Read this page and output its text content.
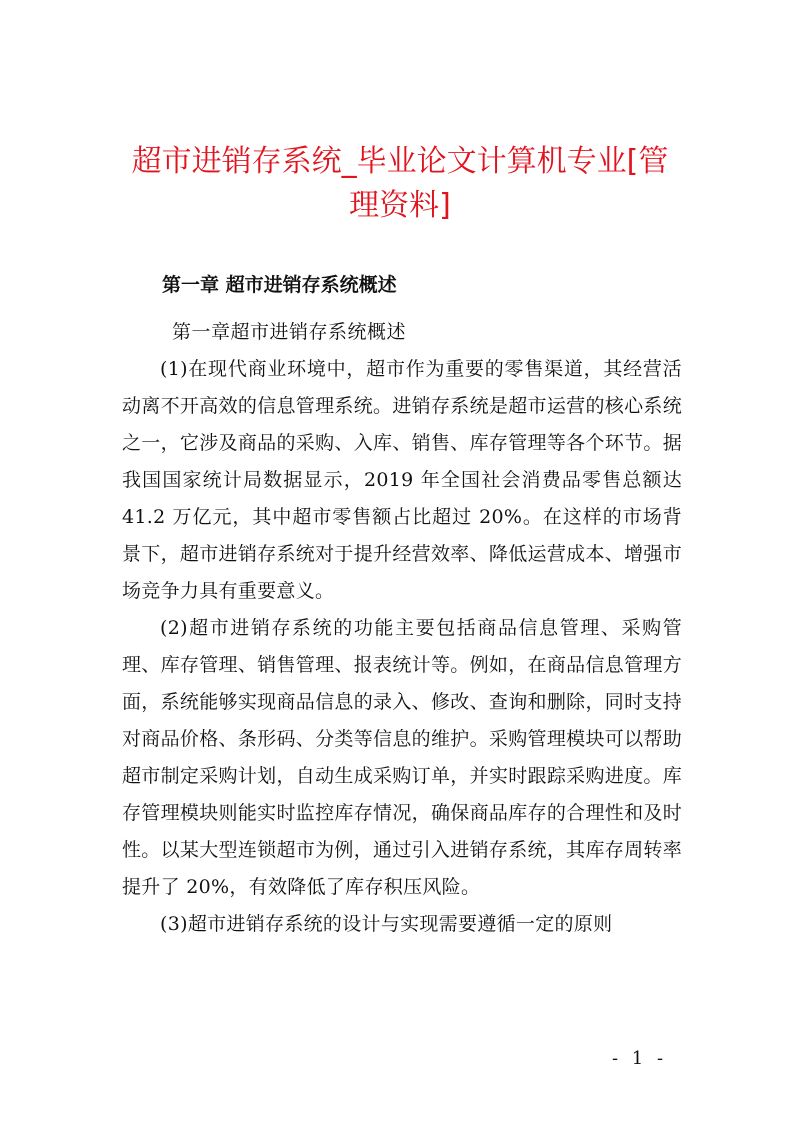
超市进销存系统_毕业论文计算机专业[管理资料]
第一章 超市进销存系统概述

第一章超市进销存系统概述

(1)在现代商业环境中，超市作为重要的零售渠道，其经营活动离不开高效的信息管理系统。进销存系统是超市运营的核心系统之一，它涉及商品的采购、入库、销售、库存管理等各个环节。据我国国家统计局数据显示，2019 年全国社会消费品零售总额达 41.2 万亿元，其中超市零售额占比超过 20%。在这样的市场背景下，超市进销存系统对于提升经营效率、降低运营成本、增强市场竞争力具有重要意义。

(2)超市进销存系统的功能主要包括商品信息管理、采购管理、库存管理、销售管理、报表统计等。例如，在商品信息管理方面，系统能够实现商品信息的录入、修改、查询和删除，同时支持对商品价格、条形码、分类等信息的维护。采购管理模块可以帮助超市制定采购计划，自动生成采购订单，并实时跟踪采购进度。库存管理模块则能实时监控库存情况，确保商品库存的合理性和及时性。以某大型连锁超市为例，通过引入进销存系统，其库存周转率提升了 20%，有效降低了库存积压风险。

(3)超市进销存系统的设计与实现需要遵循一定的原则

- 1 -
